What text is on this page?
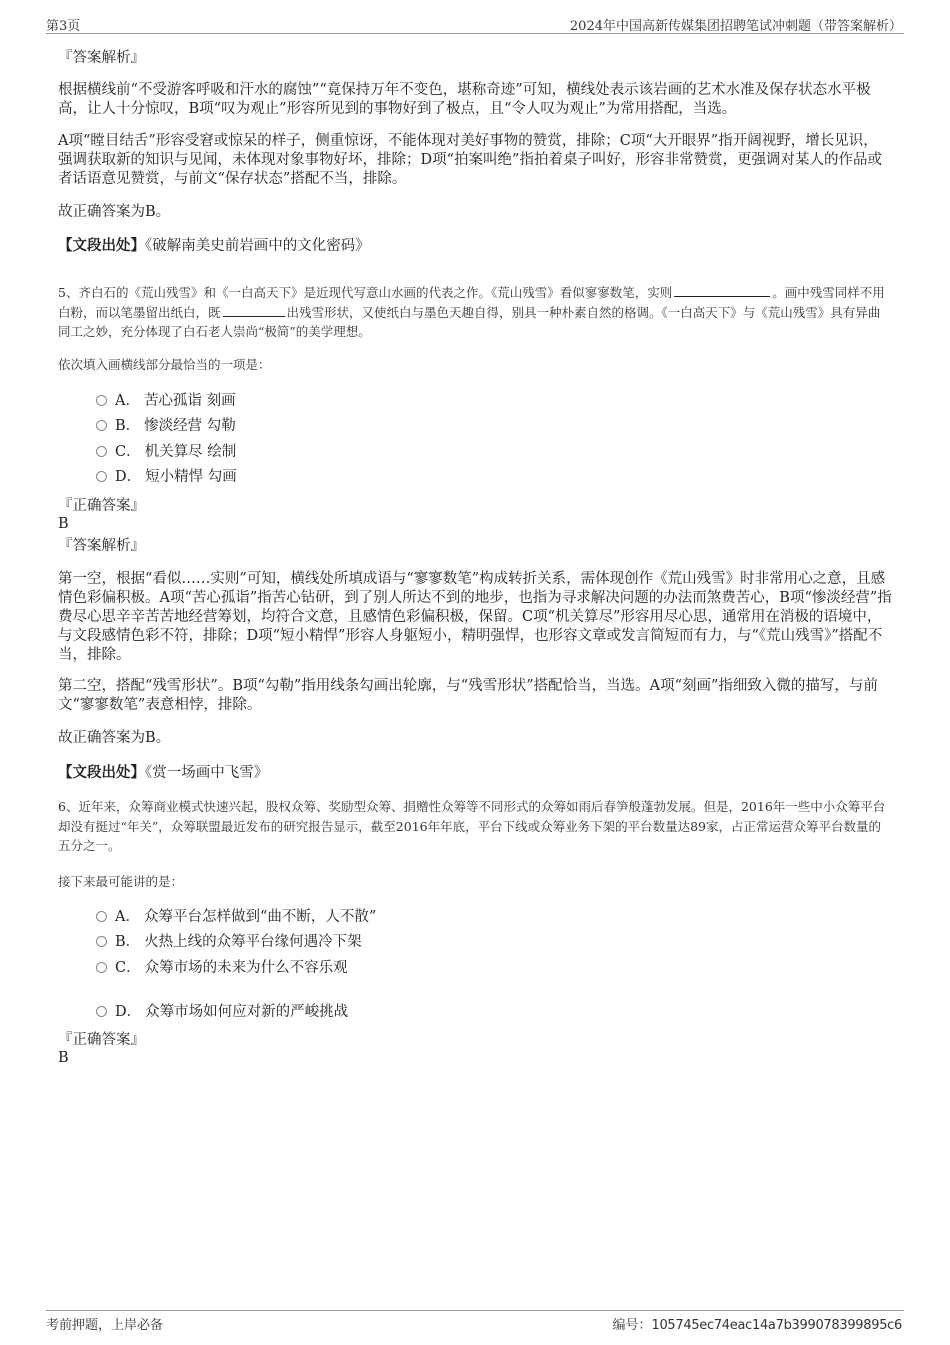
第3页	2024年中国高新传媒集团招聘笔试冲刺题（带答案解析）
『答案解析』
根据横线前“不受游客呼吸和汗水的腐蚀”“竟保持万年不变色，堪称奇迹”可知，横线处表示该岩画的艺术水准及保存状态水平极高，让人十分惊叹，B项“叹为观止”形容所见到的事物好到了极点，且“令人叹为观止”为常用搭配，当选。
A项“瞠目结舌”形容受窘或惊呆的样子，侧重惊讶，不能体现对美好事物的赞赏，排除；C项“大开眼界”指开阔视野，增长见识，强调获取新的知识与见闻，未体现对象事物好坏，排除；D项“拍案叫绝”指拍着桌子叫好，形容非常赞赏，更强调对某人的作品或者话语意见赞赏，与前文“保存状态”搭配不当，排除。
故正确答案为B。
【文段出处】《破解南美史前岩画中的文化密码》
5、齐白石的《荒山残雪》和《一白高天下》是近现代写意山水画的代表之作。《荒山残雪》看似寥寥数笔，实则	。画中残雪同样不用白粉，而以笔墨留出纸白，既	出残雪形状，又使纸白与墨色天趣自得，别具一种朴素自然的格调。《一白高天下》与《荒山残雪》具有异曲同工之妙，充分体现了白石老人崇尚“极简”的美学理想。
依次填入画横线部分最恰当的一项是：
A． 苦心孤诣 刻画
B． 惨淡经营 勾勒
C． 机关算尽 绘制
D． 短小精悍 勾画
『正确答案』
B
『答案解析』
第一空，根据“看似……实则”可知，横线处所填成语与“寥寥数笔”构成转折关系，需体现创作《荒山残雪》时非常用心之意，且感情色彩偏积极。A项“苦心孤诣”指苦心钻研，到了别人所达不到的地步，也指为寻求解决问题的办法而煞费苦心，B项“惨淡经营”指费尽心思辛辛苦苦地经营筹划，均符合文意，且感情色彩偏积极，保留。C项“机关算尽”形容用尽心思，通常用在消极的语境中，与文段感情色彩不符，排除；D项“短小精悍”形容人身躯短小，精明强悍，也形容文章或发言简短而有力，与“《荒山残雪》”搭配不当，排除。
第二空，搭配“残雪形状”。B项“勾勒”指用线条勾画出轮廓，与“残雪形状”搭配恰当，当选。A项“刻画”指细致入微的描写，与前文“寥寥数笔”表意相悖，排除。
故正确答案为B。
【文段出处】《赏一场画中飞雪》
6、近年来，众筹商业模式快速兴起，股权众筹、奖励型众筹、捐赠性众筹等不同形式的众筹如雨后春笋般蓬勃发展。但是，2016年一些中小众筹平台却没有挺过“年关”，众筹联盟最近发布的研究报告显示，截至2016年年底，平台下线或众筹业务下架的平台数量达89家，占正常运营众筹平台数量的五分之一。
接下来最可能讲的是：
A． 众筹平台怎样做到“曲不断，人不散”
B． 火热上线的众筹平台缘何遇冷下架
C． 众筹市场的未来为什么不容乐观
D． 众筹市场如何应对新的严峻挑战
『正确答案』
B
考前押题，上岸必备	编号：105745ec74eac14a7b399078399895c6
